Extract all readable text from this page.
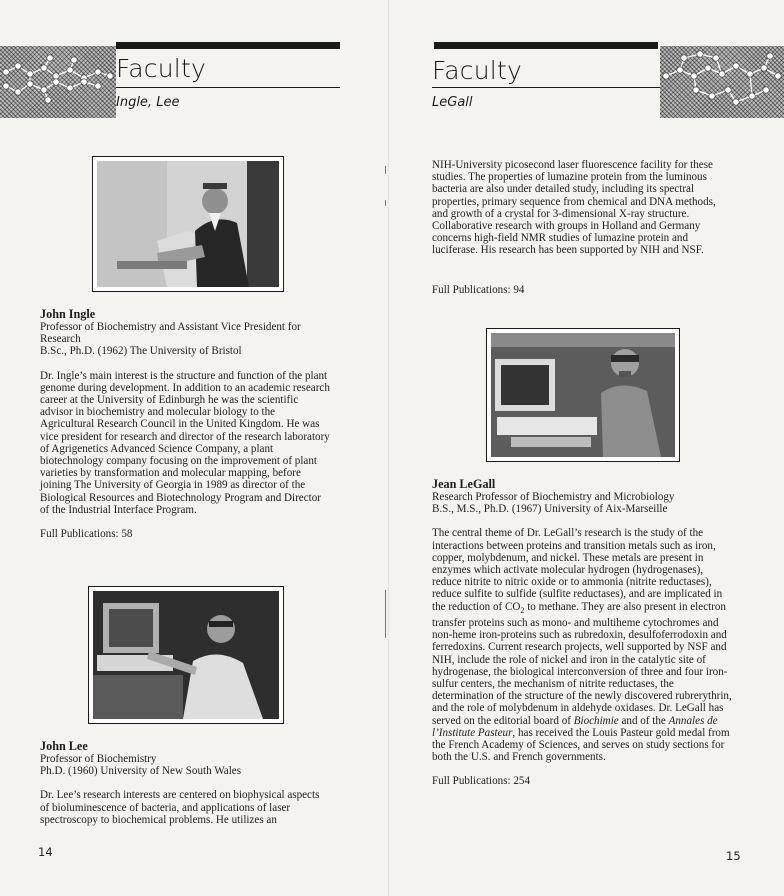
Faculty
Ingle, Lee

John Ingle

Professor of Biochemistry and Assistant Vice President for Research

B.Sc., Ph.D. (1962) The University of Bristol

Dr. Ingle’s main interest is the structure and function of the plant genome during development. In addition to an academic research career at the University of Edinburgh he was the scientific advisor in biochemistry and molecular biology to the Agricultural Research Council in the United Kingdom. He was vice president for research and director of the research laboratory of Agrigenetics Advanced Science Company, a plant biotechnology company focusing on the improvement of plant varieties by transformation and molecular mapping, before joining The University of Georgia in 1989 as director of the Biological Resources and Biotechnology Program and Director of the Industrial Interface Program.

Full Publications: 58

John Lee

Professor of Biochemistry

Ph.D. (1960) University of New South Wales

Dr. Lee’s research interests are centered on biophysical aspects of bioluminescence of bacteria, and applications of laser spectroscopy to biochemical problems. He utilizes an

14
Faculty
LeGall
NIH-University picosecond laser fluorescence facility for these studies. The properties of lumazine protein from the luminous bacteria are also under detailed study, including its spectral properties, primary sequence from chemical and DNA methods, and growth of a crystal for 3-dimensional X-ray structure. Collaborative research with groups in Holland and Germany concerns high-field NMR studies of lumazine protein and luciferase. His research has been supported by NIH and NSF.
Full Publications: 94

Jean LeGall

Research Professor of Biochemistry and Microbiology

B.S., M.S., Ph.D. (1967) University of Aix-Marseille

The central theme of Dr. LeGall’s research is the study of the interactions between proteins and transition metals such as iron, copper, molybdenum, and nickel. These metals are present in enzymes which activate molecular hydrogen (hydrogenases), reduce nitrite to nitric oxide or to ammonia (nitrite reductases), reduce sulfite to sulfide (sulfite reductases), and are implicated in the reduction of $CO_2$ to methane. They are also present in electron transfer proteins such as mono- and multiheme cytochromes and non-heme iron-proteins such as rubredoxin, desulfoferrodoxin and ferredoxins. Current research projects, well supported by NSF and NIH, include the role of nickel and iron in the catalytic site of hydrogenase, the biological interconversion of three and four iron-sulfur centers, the mechanism of nitrite reductases, the determination of the structure of the newly discovered rubrerythrin, and the role of molybdenum in aldehyde oxidases. Dr. LeGall has served on the editorial board of Biochimie and of the Annales de l’Institute Pasteur, has received the Louis Pasteur gold medal from the French Academy of Sciences, and serves on study sections for both the U.S. and French governments.

Full Publications: 254

15
